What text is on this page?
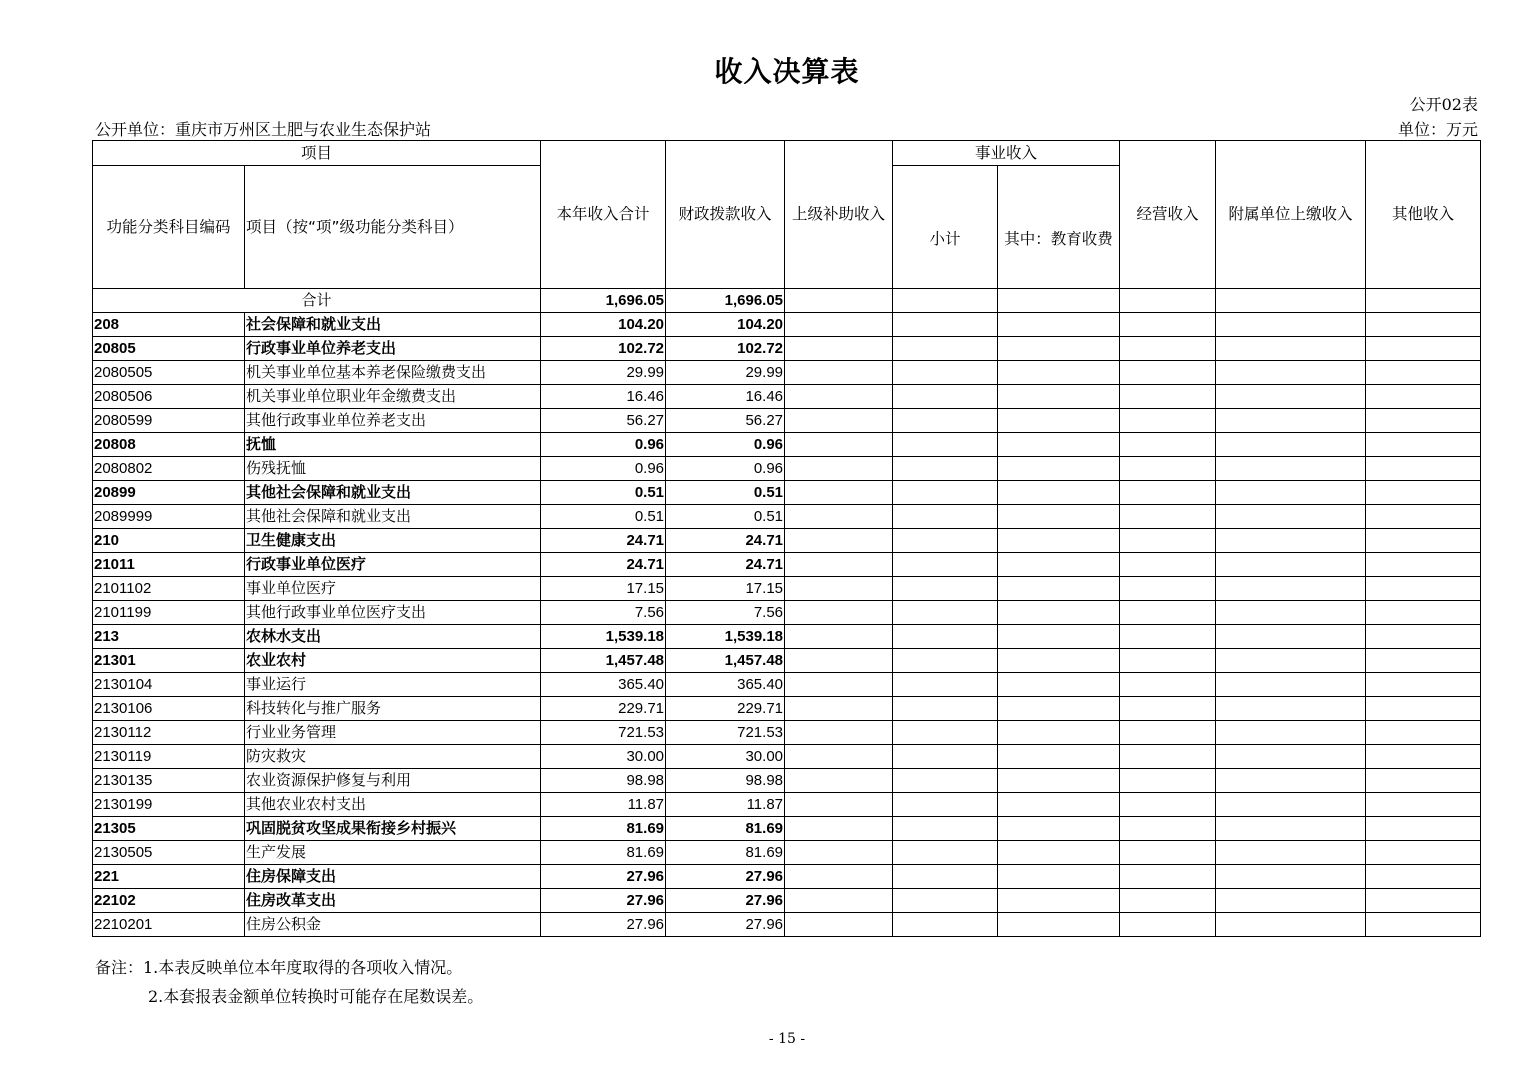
收入决算表
公开02表
公开单位：重庆市万州区土肥与农业生态保护站	单位：万元
项目		本年收入合计	财政拨款收入	上级补助收入	事业收入		经营收入	附属单位上缴收入	其他收入
功能分类科目编码	项目（按“项”级功能分类科目）				小计	其中：教育收费			
合计		1,696.05	1,696.05						
208	社会保障和就业支出	104.20	104.20						
20805	行政事业单位养老支出	102.72	102.72						
2080505	机关事业单位基本养老保险缴费支出	29.99	29.99						
2080506	机关事业单位职业年金缴费支出	16.46	16.46						
2080599	其他行政事业单位养老支出	56.27	56.27						
20808	抚恤	0.96	0.96						
2080802	伤残抚恤	0.96	0.96						
20899	其他社会保障和就业支出	0.51	0.51						
2089999	其他社会保障和就业支出	0.51	0.51						
210	卫生健康支出	24.71	24.71						
21011	行政事业单位医疗	24.71	24.71						
2101102	事业单位医疗	17.15	17.15						
2101199	其他行政事业单位医疗支出	7.56	7.56						
213	农林水支出	1,539.18	1,539.18						
21301	农业农村	1,457.48	1,457.48						
2130104	事业运行	365.40	365.40						
2130106	科技转化与推广服务	229.71	229.71						
2130112	行业业务管理	721.53	721.53						
2130119	防灾救灾	30.00	30.00						
2130135	农业资源保护修复与利用	98.98	98.98						
2130199	其他农业农村支出	11.87	11.87						
21305	巩固脱贫攻坚成果衔接乡村振兴	81.69	81.69						
2130505	生产发展	81.69	81.69						
221	住房保障支出	27.96	27.96						
22102	住房改革支出	27.96	27.96						
2210201	住房公积金	27.96	27.96						
备注：1.本表反映单位本年度取得的各项收入情况。
2.本套报表金额单位转换时可能存在尾数误差。
- 15 -
